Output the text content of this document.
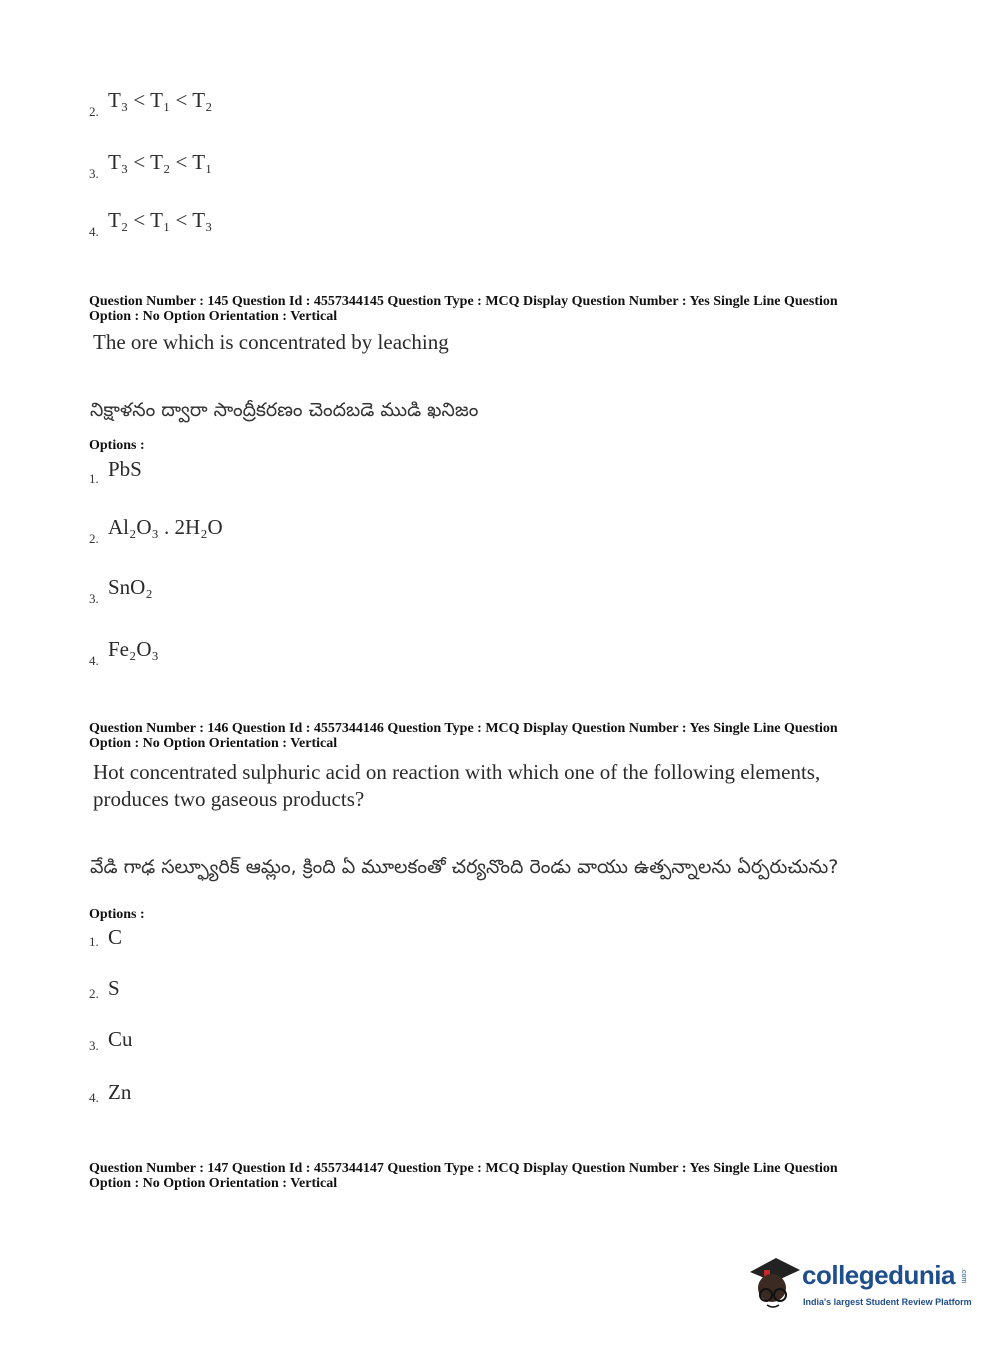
2. T₃ < T₁ < T₂
3. T₃ < T₂ < T₁
4. T₂ < T₁ < T₃
Question Number : 145 Question Id : 4557344145 Question Type : MCQ Display Question Number : Yes Single Line Question
Option : No Option Orientation : Vertical
The ore which is concentrated by leaching
నిక్షాళనం ద్వారా సాంద్రీకరణం చెందబడె ముడి ఖనిజం
Options :
1. PbS
2. Al₂O₃ . 2H₂O
3. SnO₂
4. Fe₂O₃
Question Number : 146 Question Id : 4557344146 Question Type : MCQ Display Question Number : Yes Single Line Question
Option : No Option Orientation : Vertical
Hot concentrated sulphuric acid on reaction with which one of the following elements,
produces two gaseous products?
వేడి గాఢ సల్ఫ్యూరిక్ ఆమ్లం, క్రింది ఏ మూలకంతో చర్యనొంది రెండు వాయు ఉత్పన్నాలను ఏర్పరుచును?
Options :
1. C
2. S
3. Cu
4. Zn
Question Number : 147 Question Id : 4557344147 Question Type : MCQ Display Question Number : Yes Single Line Question
Option : No Option Orientation : Vertical
collegedunia .com
India's largest Student Review Platform
